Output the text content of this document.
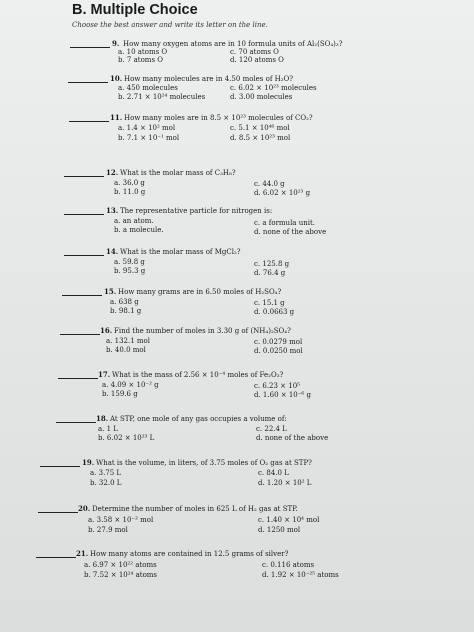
B. Multiple Choice
Choose the best answer and write its letter on the line.
9. How many oxygen atoms are in 10 formula units of Al₂(SO₄)₃?
a. 10 atoms O
b. 7 atoms O
c. 70 atoms O
d. 120 atoms O
10. How many molecules are in 4.50 moles of H₂O?
a. 450 molecules
b. 2.71 × 10²⁴ molecules
c. 6.02 × 10²³ molecules
d. 3.00 molecules
11. How many moles are in 8.5 × 10²³ molecules of CO₂?
a. 1.4 × 10² mol
b. 7.1 × 10⁻¹ mol
c. 5.1 × 10⁴⁶ mol
d. 8.5 × 10²³ mol
12. What is the molar mass of C₃H₈?
a. 36.0 g
b. 11.0 g
c. 44.0 g
d. 6.02 × 10²³ g
13. The representative particle for nitrogen is:
a. an atom.
b. a molecule.
c. a formula unit.
d. none of the above
14. What is the molar mass of MgCl₂?
a. 59.8 g
b. 95.3 g
c. 125.8 g
d. 76.4 g
15. How many grams are in 6.50 moles of H₂SO₄?
a. 638 g
b. 98.1 g
c. 15.1 g
d. 0.0663 g
16. Find the number of moles in 3.30 g of (NH₄)₂SO₄?
a. 132.1 mol
b. 40.0 mol
c. 0.0279 mol
d. 0.0250 mol
17. What is the mass of 2.56 × 10⁻⁴ moles of Fe₂O₃?
a. 4.09 × 10⁻² g
b. 159.6 g
c. 6.23 × 10⁵
d. 1.60 × 10⁻⁶ g
18. At STP, one mole of any gas occupies a volume of:
a. 1 L
b. 6.02 × 10²³ L
c. 22.4 L
d. none of the above
19. What is the volume, in liters, of 3.75 moles of O₂ gas at STP?
a. 3.75 L
b. 32.0 L
c. 84.0 L
d. 1.20 × 10² L
20. Determine the number of moles in 625 L of H₂ gas at STP.
a. 3.58 × 10⁻² mol
b. 27.9 mol
c. 1.40 × 10⁴ mol
d. 1250 mol
21. How many atoms are contained in 12.5 grams of silver?
a. 6.97 × 10²² atoms
b. 7.52 × 10²⁴ atoms
c. 0.116 atoms
d. 1.92 × 10⁻²⁵ atoms
